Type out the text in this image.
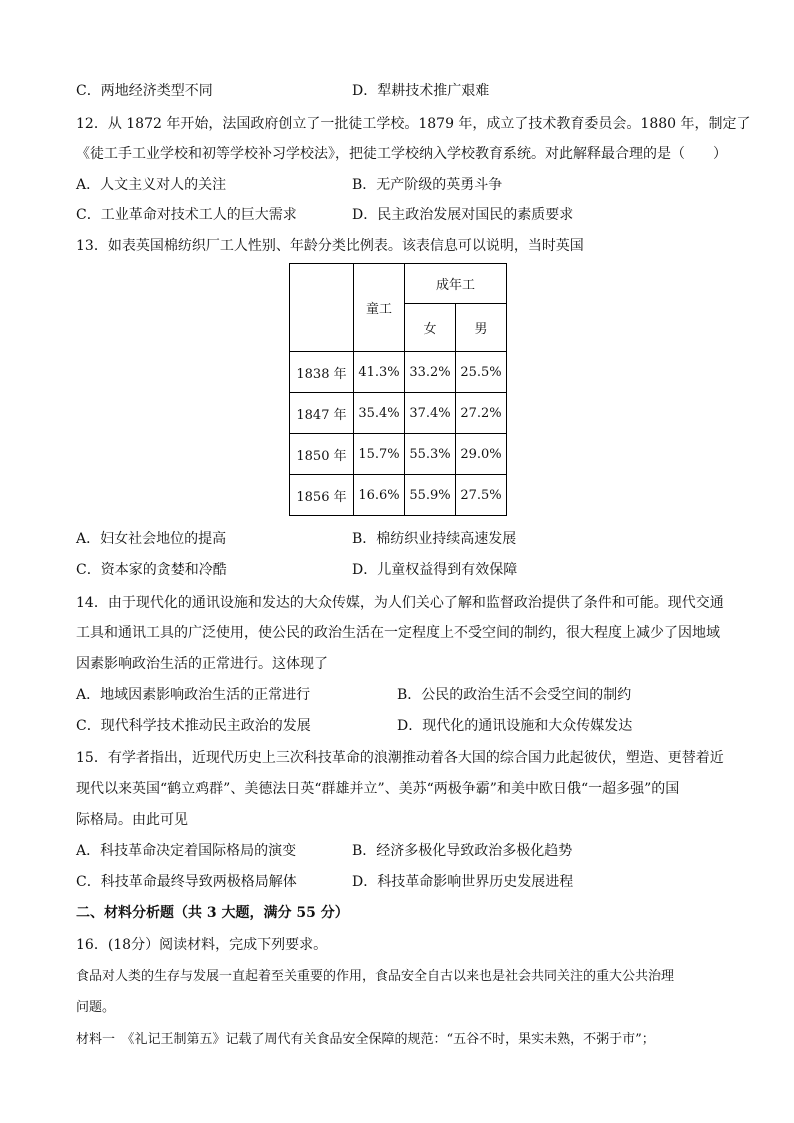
C．两地经济类型不同	D．犁耕技术推广艰难
12．从 1872 年开始，法国政府创立了一批徒工学校。1879 年，成立了技术教育委员会。1880 年，制定了
《徒工手工业学校和初等学校补习学校法》，把徒工学校纳入学校教育系统。对此解释最合理的是（　　）
A．人文主义对人的关注	B．无产阶级的英勇斗争
C．工业革命对技术工人的巨大需求	D．民主政治发展对国民的素质要求
13．如表英国棉纺织厂工人性别、年龄分类比例表。该表信息可以说明，当时英国
	童工	成年工	
		女	男
1838 年	41.3%	33.2%	25.5%
1847 年	35.4%	37.4%	27.2%
1850 年	15.7%	55.3%	29.0%
1856 年	16.6%	55.9%	27.5%
A．妇女社会地位的提高	B．棉纺织业持续高速发展
C．资本家的贪婪和冷酷	D．儿童权益得到有效保障
14．由于现代化的通讯设施和发达的大众传媒，为人们关心了解和监督政治提供了条件和可能。现代交通
工具和通讯工具的广泛使用，使公民的政治生活在一定程度上不受空间的制约，很大程度上减少了因地域
因素影响政治生活的正常进行。这体现了
A．地域因素影响政治生活的正常进行	B．公民的政治生活不会受空间的制约
C．现代科学技术推动民主政治的发展	D．现代化的通讯设施和大众传媒发达
15．有学者指出，近现代历史上三次科技革命的浪潮推动着各大国的综合国力此起彼伏，塑造、更替着近
现代以来英国“鹤立鸡群”、美德法日英“群雄并立”、美苏“两极争霸”和美中欧日俄“一超多强”的国
际格局。由此可见
A．科技革命决定着国际格局的演变	B．经济多极化导致政治多极化趋势
C．科技革命最终导致两极格局解体	D．科技革命影响世界历史发展进程
二、材料分析题（共 3 大题，满分 55 分）
16．(18分）阅读材料，完成下列要求。
食品对人类的生存与发展一直起着至关重要的作用，食品安全自古以来也是社会共同关注的重大公共治理
问题。
材料一　《礼记王制第五》记载了周代有关食品安全保障的规范：“五谷不时，果实未熟，不粥于市”；
